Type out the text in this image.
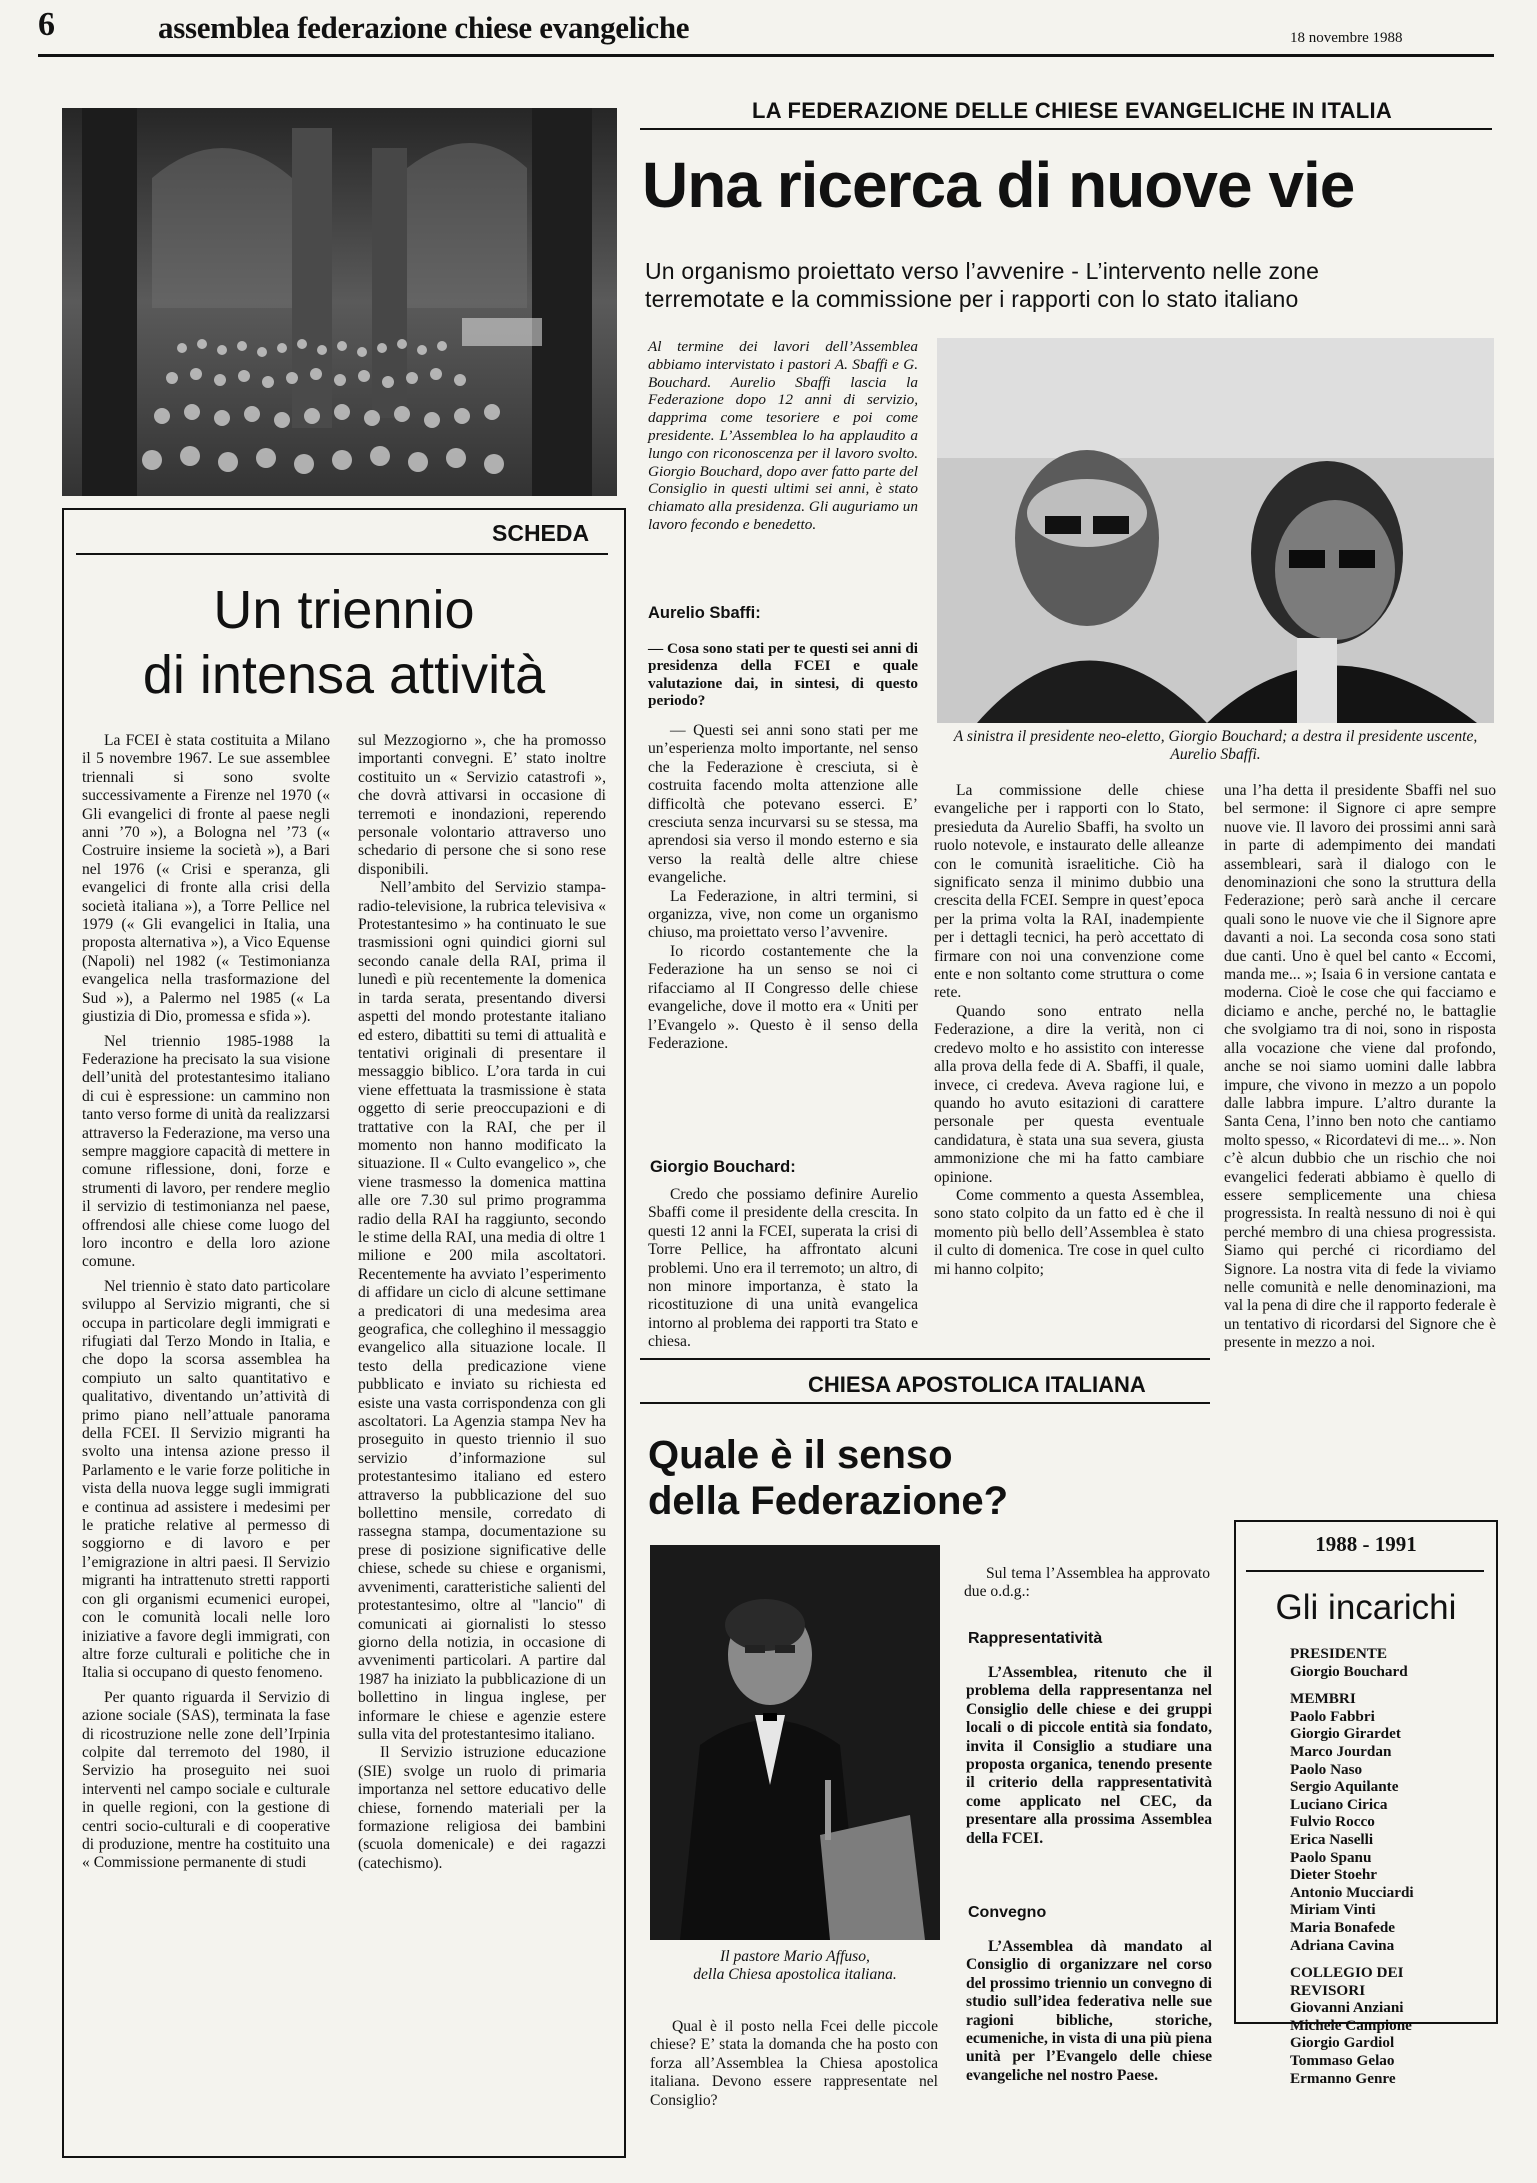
6	assemblea federazione chiese evangeliche	18 novembre 1988
LA FEDERAZIONE DELLE CHIESE EVANGELICHE IN ITALIA
Una ricerca di nuove vie
Un organismo proiettato verso l’avvenire - L’intervento nelle zone
terremotate e la commissione per i rapporti con lo stato italiano
Al termine dei lavori dell’Assemblea abbiamo intervistato i pastori A. Sbaffi e G. Bouchard. Aurelio Sbaffi lascia la Federazione dopo 12 anni di servizio, dapprima come tesoriere e poi come presidente. L’Assemblea lo ha applaudito a lungo con riconoscenza per il lavoro svolto. Giorgio Bouchard, dopo aver fatto parte del Consiglio in questi ultimi sei anni, è stato chiamato alla presidenza. Gli auguriamo un lavoro fecondo e benedetto.
Aurelio Sbaffi:
— Cosa sono stati per te questi sei anni di presidenza della FCEI e quale valutazione dai, in sintesi, di questo periodo?

— Questi sei anni sono stati per me un’esperienza molto importante, nel senso che la Federazione è cresciuta, si è costruita facendo molta attenzione alle difficoltà che potevano esserci. E’ cresciuta senza incurvarsi su se stessa, ma aprendosi sia verso il mondo esterno e sia verso la realtà delle altre chiese evangeliche.

La Federazione, in altri termini, si organizza, vive, non come un organismo chiuso, ma proiettato verso l’avvenire.

Io ricordo costantemente che la Federazione ha un senso se noi ci rifacciamo al II Congresso delle chiese evangeliche, dove il motto era « Uniti per l’Evangelo ». Questo è il senso della Federazione.

Giorgio Bouchard:

Credo che possiamo definire Aurelio Sbaffi come il presidente della crescita. In questi 12 anni la FCEI, superata la crisi di Torre Pellice, ha affrontato alcuni problemi. Uno era il terremoto; un altro, di non minore importanza, è stato la ricostituzione di una unità evangelica intorno al problema dei rapporti tra Stato e chiesa.

A sinistra il presidente neo-eletto, Giorgio Bouchard; a destra il presidente uscente, Aurelio Sbaffi.

La commissione delle chiese evangeliche per i rapporti con lo Stato, presieduta da Aurelio Sbaffi, ha svolto un ruolo notevole, e instaurato delle alleanze con le comunità israelitiche. Ciò ha significato senza il minimo dubbio una crescita della FCEI. Sempre in quest’epoca per la prima volta la RAI, inadempiente per i dettagli tecnici, ha però accettato di firmare con noi una convenzione come ente e non soltanto come struttura o come rete.

Quando sono entrato nella Federazione, a dire la verità, non ci credevo molto e ho assistito con interesse alla prova della fede di A. Sbaffi, il quale, invece, ci credeva. Aveva ragione lui, e quando ho avuto esitazioni di carattere personale per questa eventuale candidatura, è stata una sua severa, giusta ammonizione che mi ha fatto cambiare opinione.

Come commento a questa Assemblea, sono stato colpito da un fatto ed è che il momento più bello dell’Assemblea è stato il culto di domenica. Tre cose in quel culto mi hanno colpito;

una l’ha detta il presidente Sbaffi nel suo bel sermone: il Signore ci apre sempre nuove vie. Il lavoro dei prossimi anni sarà in parte di adempimento dei mandati assembleari, sarà il dialogo con le denominazioni che sono la struttura della Federazione; però sarà anche il cercare quali sono le nuove vie che il Signore apre davanti a noi. La seconda cosa sono stati due canti. Uno è quel bel canto « Eccomi, manda me... »; Isaia 6 in versione cantata e moderna. Cioè le cose che qui facciamo e diciamo e anche, perché no, le battaglie che svolgiamo tra di noi, sono in risposta alla vocazione che viene dal profondo, anche se noi siamo uomini dalle labbra impure, che vivono in mezzo a un popolo dalle labbra impure. L’altro durante la Santa Cena, l’inno ben noto che cantiamo molto spesso, « Ricordatevi di me... ». Non c’è alcun dubbio che un rischio che noi evangelici federati abbiamo è quello di essere semplicemente una chiesa progressista. In realtà nessuno di noi è qui perché membro di una chiesa progressista. Siamo qui perché ci ricordiamo del Signore. La nostra vita di fede la viviamo nelle comunità e nelle denominazioni, ma val la pena di dire che il rapporto federale è un tentativo di ricordarsi del Signore che è presente in mezzo a noi.

SCHEDA
Un triennio
di intensa attività

La FCEI è stata costituita a Milano il 5 novembre 1967. Le sue assemblee triennali si sono svolte successivamente a Firenze nel 1970 (« Gli evangelici di fronte al paese negli anni ’70 »), a Bologna nel ’73 (« Costruire insieme la società »), a Bari nel 1976 (« Crisi e speranza, gli evangelici di fronte alla crisi della società italiana »), a Torre Pellice nel 1979 (« Gli evangelici in Italia, una proposta alternativa »), a Vico Equense (Napoli) nel 1982 (« Testimonianza evangelica nella trasformazione del Sud »), a Palermo nel 1985 (« La giustizia di Dio, promessa e sfida »).

Nel triennio 1985-1988 la Federazione ha precisato la sua visione dell’unità del protestantesimo italiano di cui è espressione: un cammino non tanto verso forme di unità da realizzarsi attraverso la Federazione, ma verso una sempre maggiore capacità di mettere in comune riflessione, doni, forze e strumenti di lavoro, per rendere meglio il servizio di testimonianza nel paese, offrendosi alle chiese come luogo del loro incontro e della loro azione comune.

Nel triennio è stato dato particolare sviluppo al Servizio migranti, che si occupa in particolare degli immigrati e rifugiati dal Terzo Mondo in Italia, e che dopo la scorsa assemblea ha compiuto un salto quantitativo e qualitativo, diventando un’attività di primo piano nell’attuale panorama della FCEI. Il Servizio migranti ha svolto una intensa azione presso il Parlamento e le varie forze politiche in vista della nuova legge sugli immigrati e continua ad assistere i medesimi per le pratiche relative al permesso di soggiorno e di lavoro e per l’emigrazione in altri paesi. Il Servizio migranti ha intrattenuto stretti rapporti con gli organismi ecumenici europei, con le comunità locali nelle loro iniziative a favore degli immigrati, con altre forze culturali e politiche che in Italia si occupano di questo fenomeno.

Per quanto riguarda il Servizio di azione sociale (SAS), terminata la fase di ricostruzione nelle zone dell’Irpinia colpite dal terremoto del 1980, il Servizio ha proseguito nei suoi interventi nel campo sociale e culturale in quelle regioni, con la gestione di centri socio-culturali e di cooperative di produzione, mentre ha costituito una « Commissione permanente di studi

sul Mezzogiorno », che ha promosso importanti convegni. E’ stato inoltre costituito un « Servizio catastrofi », che dovrà attivarsi in occasione di terremoti e inondazioni, reperendo personale volontario attraverso uno schedario di persone che si sono rese disponibili.

Nell’ambito del Servizio stampa-radio-televisione, la rubrica televisiva « Protestantesimo » ha continuato le sue trasmissioni ogni quindici giorni sul secondo canale della RAI, prima il lunedì e più recentemente la domenica in tarda serata, presentando diversi aspetti del mondo protestante italiano ed estero, dibattiti su temi di attualità e tentativi originali di presentare il messaggio biblico. L’ora tarda in cui viene effettuata la trasmissione è stata oggetto di serie preoccupazioni e di trattative con la RAI, che per il momento non hanno modificato la situazione. Il « Culto evangelico », che viene trasmesso la domenica mattina alle ore 7.30 sul primo programma radio della RAI ha raggiunto, secondo le stime della RAI, una media di oltre 1 milione e 200 mila ascoltatori. Recentemente ha avviato l’esperimento di affidare un ciclo di alcune settimane a predicatori di una medesima area geografica, che colleghino il messaggio evangelico alla situazione locale. Il testo della predicazione viene pubblicato e inviato su richiesta ed esiste una vasta corrispondenza con gli ascoltatori. La Agenzia stampa Nev ha proseguito in questo triennio il suo servizio d’informazione sul protestantesimo italiano ed estero attraverso la pubblicazione del suo bollettino mensile, corredato di rassegna stampa, documentazione su prese di posizione significative delle chiese, schede su chiese e organismi, avvenimenti, caratteristiche salienti del protestantesimo, oltre al "lancio" di comunicati ai giornalisti lo stesso giorno della notizia, in occasione di avvenimenti particolari. A partire dal 1987 ha iniziato la pubblicazione di un bollettino in lingua inglese, per informare le chiese e agenzie estere sulla vita del protestantesimo italiano.

Il Servizio istruzione educazione (SIE) svolge un ruolo di primaria importanza nel settore educativo delle chiese, fornendo materiali per la formazione religiosa dei bambini (scuola domenicale) e dei ragazzi (catechismo).

CHIESA APOSTOLICA ITALIANA
Quale è il senso
della Federazione?
Il pastore Mario Affuso,
della Chiesa apostolica italiana.
Qual è il posto nella Fcei delle piccole chiese? E’ stata la domanda che ha posto con forza all’Assemblea la Chiesa apostolica italiana. Devono essere rappresentate nel Consiglio?
Sul tema l’Assemblea ha approvato due o.d.g.:
Rappresentatività
L’Assemblea, ritenuto che il problema della rappresentanza nel Consiglio delle chiese e dei gruppi locali o di piccole entità sia fondato, invita il Consiglio a studiare una proposta organica, tenendo presente il criterio della rappresentatività come applicato nel CEC, da presentare alla prossima Assemblea della FCEI.
Convegno
L’Assemblea dà mandato al Consiglio di organizzare nel corso del prossimo triennio un convegno di studio sull’idea federativa nelle sue ragioni bibliche, storiche, ecumeniche, in vista di una più piena unità per l’Evangelo delle chiese evangeliche nel nostro Paese.
1988 - 1991
Gli incarichi
PRESIDENTE
Giorgio Bouchard
MEMBRI
Paolo Fabbri
Giorgio Girardet
Marco Jourdan
Paolo Naso
Sergio Aquilante
Luciano Cirica
Fulvio Rocco
Erica Naselli
Paolo Spanu
Dieter Stoehr
Antonio Mucciardi
Miriam Vinti
Maria Bonafede
Adriana Cavina
COLLEGIO DEI REVISORI
Giovanni Anziani
Michele Campione
Giorgio Gardiol
Tommaso Gelao
Ermanno Genre
